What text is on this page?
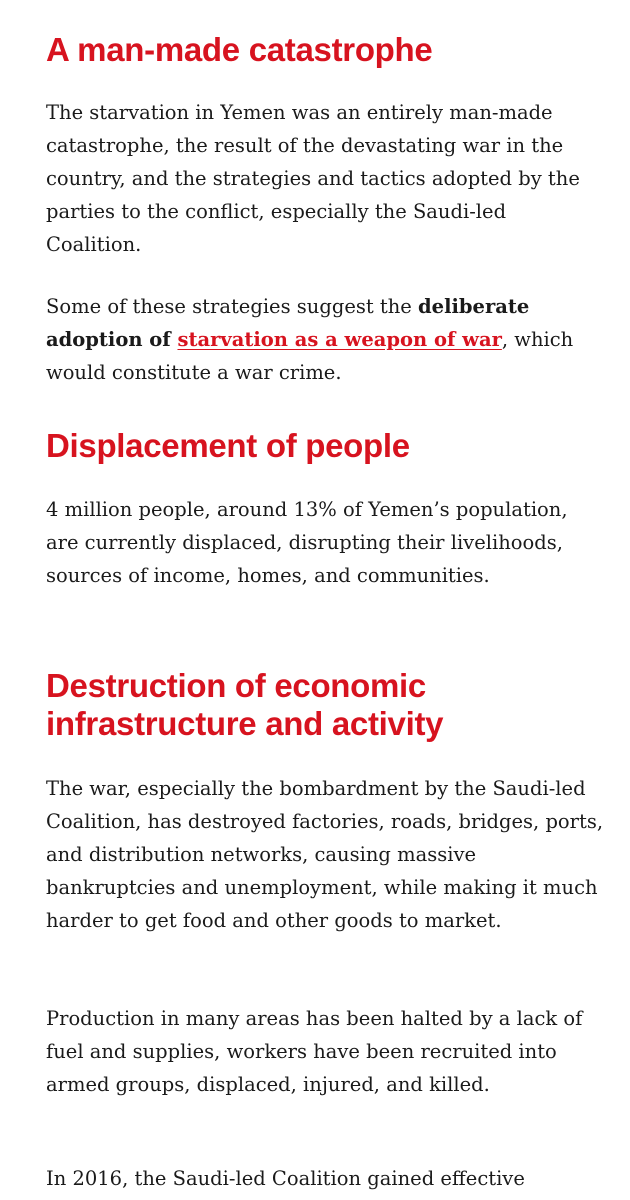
A man-made catastrophe

The starvation in Yemen was an entirely man-made catastrophe, the result of the devastating war in the country, and the strategies and tactics adopted by the parties to the conflict, especially the Saudi-led Coalition.

Some of these strategies suggest the deliberate adoption of starvation as a weapon of war, which would constitute a war crime.

Displacement of people

4 million people, around 13% of Yemen’s population, are currently displaced, disrupting their livelihoods, sources of income, homes, and communities.

Destruction of economic infrastructure and activity

The war, especially the bombardment by the Saudi-led Coalition, has destroyed factories, roads, bridges, ports, and distribution networks, causing massive bankruptcies and unemployment, while making it much harder to get food and other goods to market.

Production in many areas has been halted by a lack of fuel and supplies, workers have been recruited into armed groups, displaced, injured, and killed.

In 2016, the Saudi-led Coalition gained effective
